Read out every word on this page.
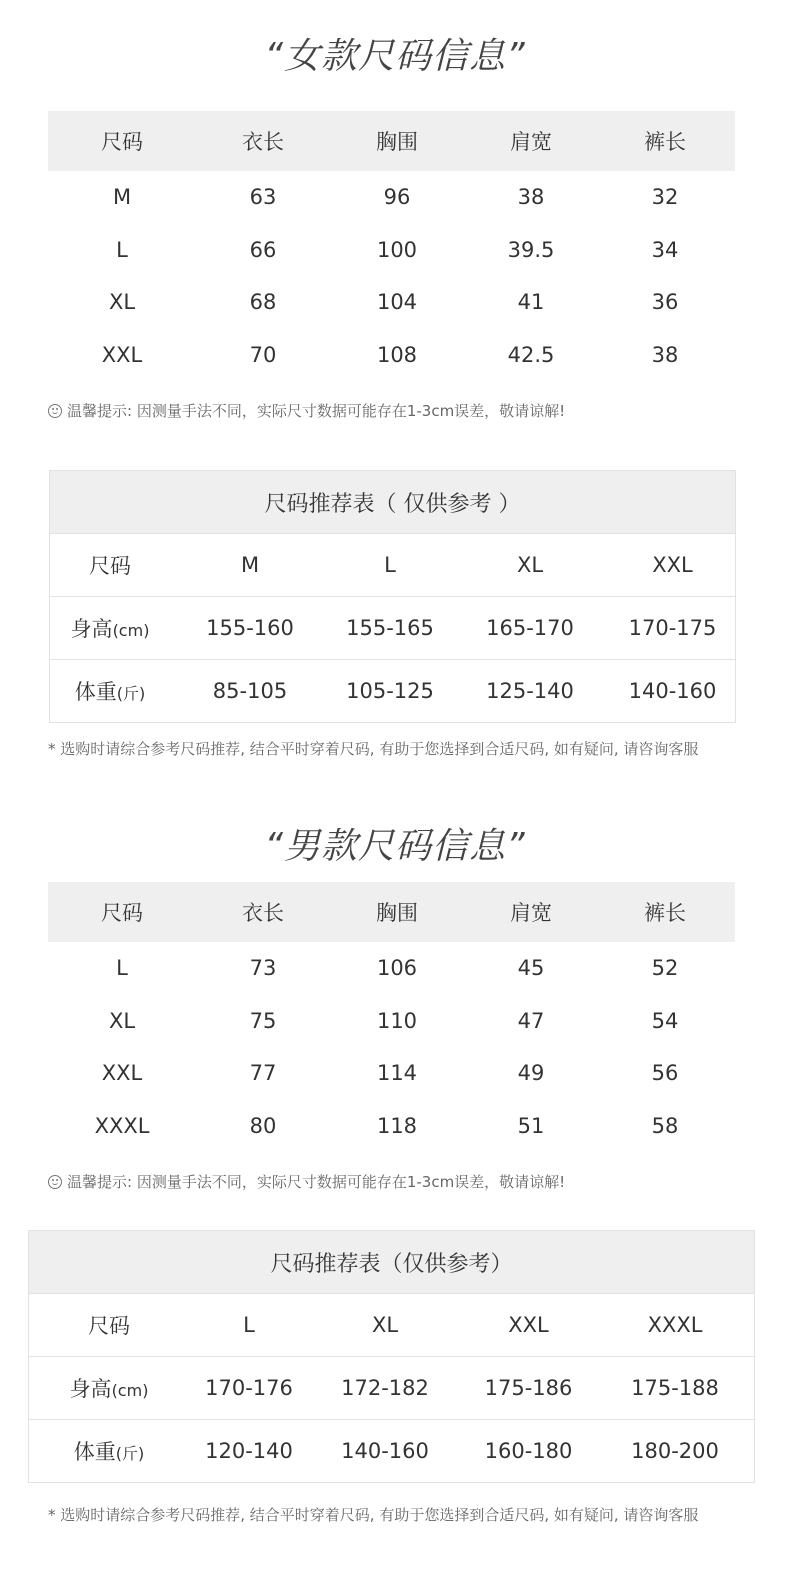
“女款尺码信息”
尺码	衣长	胸围	肩宽	裤长
M	63	96	38	32
L	66	100	39.5	34
XL	68	104	41	36
XXL	70	108	42.5	38
温馨提示: 因测量手法不同，实际尺寸数据可能存在1-3cm误差，敬请谅解!
尺码推荐表（ 仅供参考 ）
尺码	M	L	XL	XXL
身高(cm)	155-160	155-165	165-170	170-175
体重(斤)	85-105	105-125	125-140	140-160
* 选购时请综合参考尺码推荐, 结合平时穿着尺码, 有助于您选择到合适尺码, 如有疑问, 请咨询客服
“男款尺码信息”
尺码	衣长	胸围	肩宽	裤长
L	73	106	45	52
XL	75	110	47	54
XXL	77	114	49	56
XXXL	80	118	51	58
温馨提示: 因测量手法不同，实际尺寸数据可能存在1-3cm误差，敬请谅解!
尺码推荐表（仅供参考）
尺码	L	XL	XXL	XXXL
身高(cm)	170-176	172-182	175-186	175-188
体重(斤)	120-140	140-160	160-180	180-200
* 选购时请综合参考尺码推荐, 结合平时穿着尺码, 有助于您选择到合适尺码, 如有疑问, 请咨询客服
